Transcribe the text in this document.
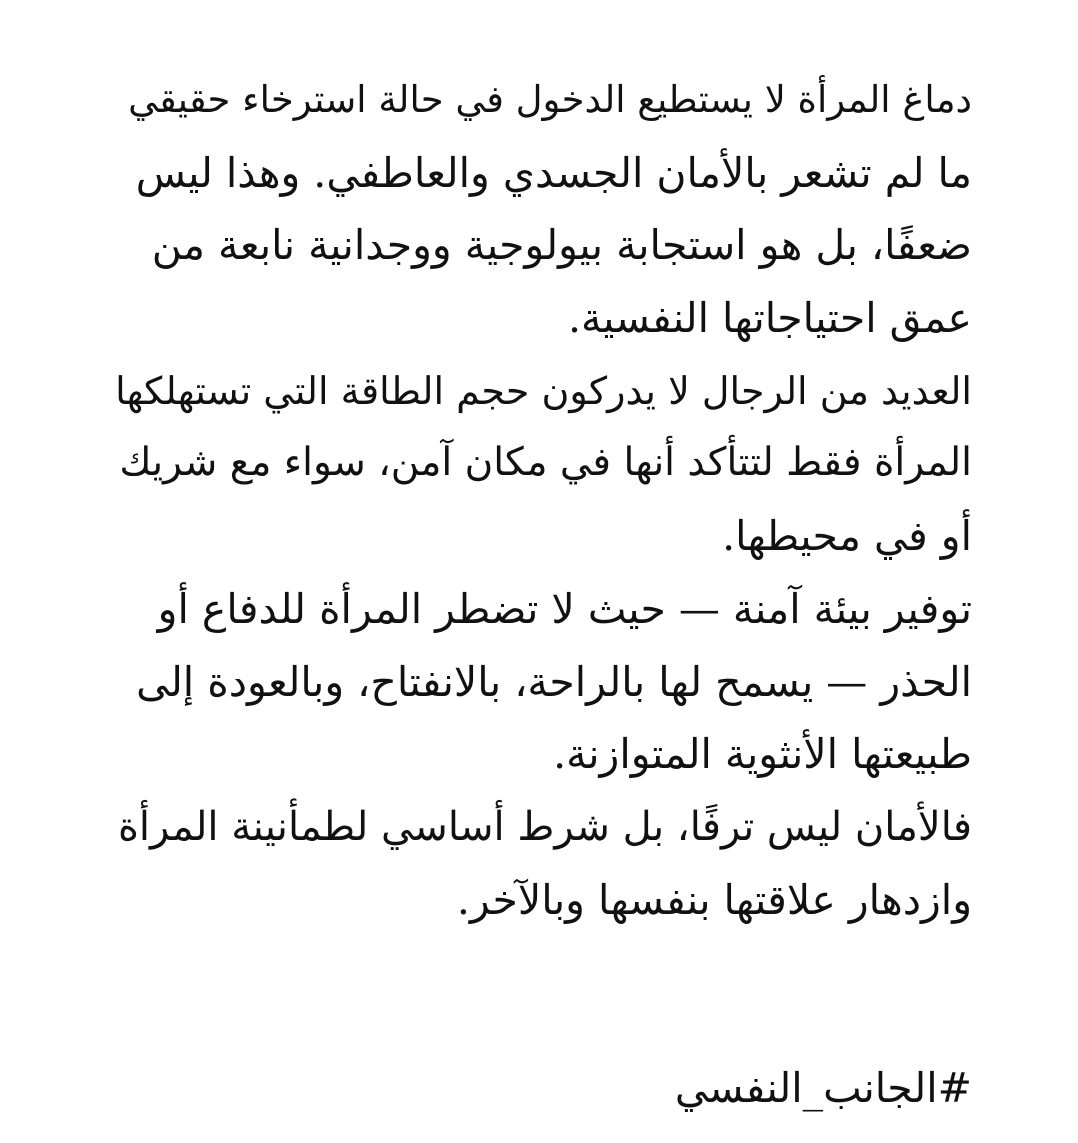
دماغ المرأة لا يستطيع الدخول في حالة استرخاء حقيقي
ما لم تشعر بالأمان الجسدي والعاطفي. وهذا ليس
ضعفًا، بل هو استجابة بيولوجية ووجدانية نابعة من
عمق احتياجاتها النفسية.
العديد من الرجال لا يدركون حجم الطاقة التي تستهلكها
المرأة فقط لتتأكد أنها في مكان آمن، سواء مع شريك
أو في محيطها.
توفير بيئة آمنة — حيث لا تضطر المرأة للدفاع أو
الحذر — يسمح لها بالراحة، بالانفتاح، وبالعودة إلى
طبيعتها الأنثوية المتوازنة.
فالأمان ليس ترفًا، بل شرط أساسي لطمأنينة المرأة
وازدهار علاقتها بنفسها وبالآخر.
#الجانب_النفسي
